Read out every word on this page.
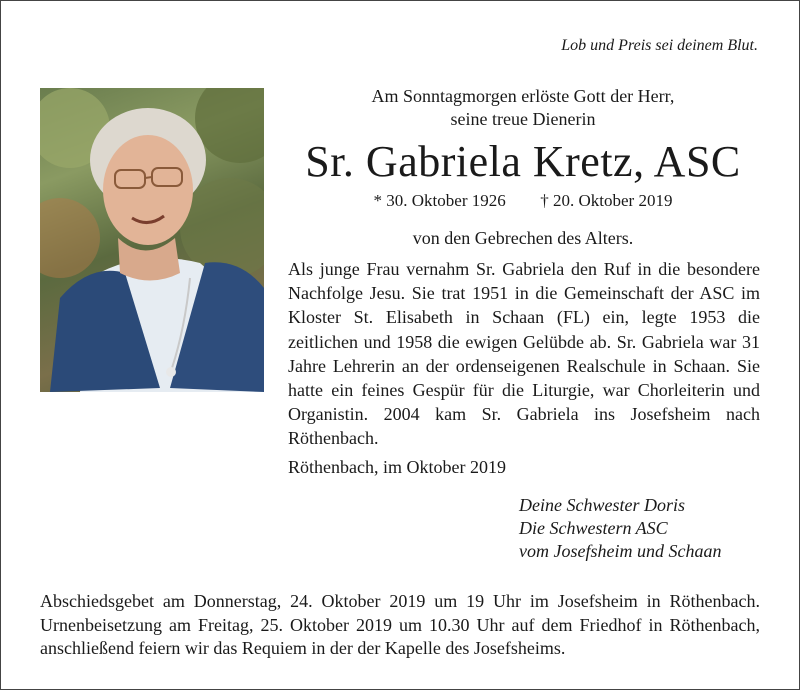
Lob und Preis sei deinem Blut.
Am Sonntagmorgen erlöste Gott der Herr,
seine treue Dienerin
Sr. Gabriela Kretz, ASC
* 30. Oktober 1926 † 20. Oktober 2019
von den Gebrechen des Alters.
Als junge Frau vernahm Sr. Gabriela den Ruf in die besondere Nachfolge Jesu. Sie trat 1951 in die Gemeinschaft der ASC im Kloster St. Elisabeth in Schaan (FL) ein, legte 1953 die zeitlichen und 1958 die ewigen Gelübde ab. Sr. Gabriela war 31 Jahre Lehrerin an der ordenseigenen Realschule in Schaan. Sie hatte ein feines Gespür für die Liturgie, war Chorleiterin und Organistin. 2004 kam Sr. Gabriela ins Josefsheim nach Röthenbach.
Röthenbach, im Oktober 2019
Deine Schwester Doris
Die Schwestern ASC
vom Josefsheim und Schaan
Abschiedsgebet am Donnerstag, 24. Oktober 2019 um 19 Uhr im Josefsheim in Röthenbach. Urnenbeisetzung am Freitag, 25. Oktober 2019 um 10.30 Uhr auf dem Friedhof in Röthenbach, anschließend feiern wir das Requiem in der der Kapelle des Josefsheims.
